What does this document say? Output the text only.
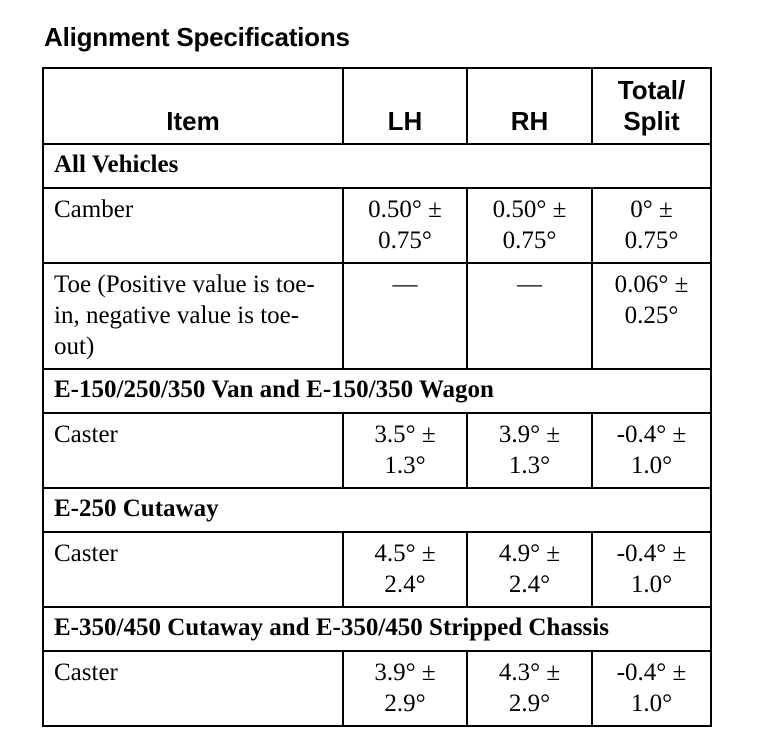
Alignment Specifications
Item	LH	RH	Total/
Split

All Vehicles			
Camber	0.50° ±
0.75°	0.50° ±
0.75°	0° ±
0.75°

Toe (Positive value is toe-in, negative value is toe-out)	—	—	0.06° ±
0.25°

E-150/250/350 Van and E-150/350 Wagon			
Caster	3.5° ±
1.3°	3.9° ±
1.3°	-0.4° ±
1.0°

E-250 Cutaway			
Caster	4.5° ±
2.4°	4.9° ±
2.4°	-0.4° ±
1.0°

E-350/450 Cutaway and E-350/450 Stripped Chassis			
Caster	3.9° ±
2.9°	4.3° ±
2.9°	-0.4° ±
1.0°
